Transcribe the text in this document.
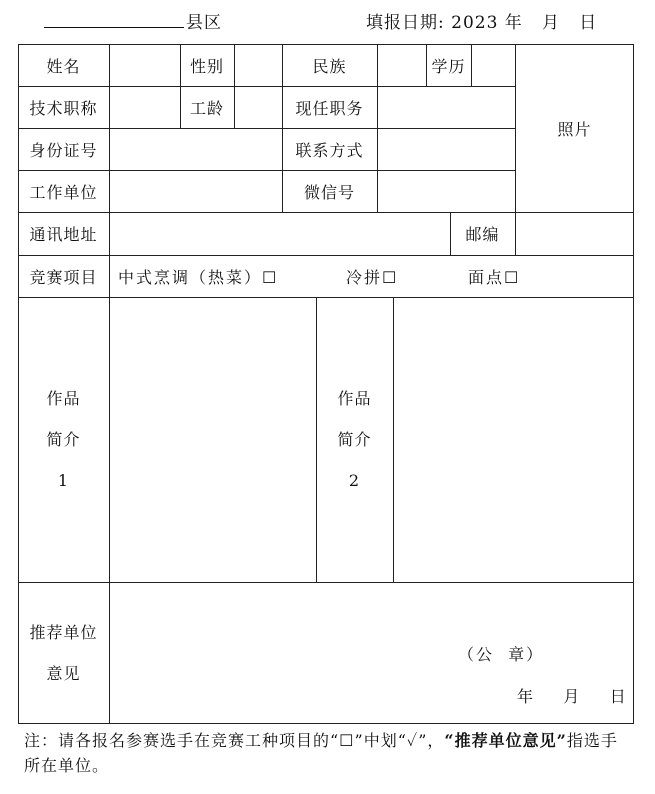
县区	填报日期: 2023 年   月   日
姓名	性别	民族	学历
照片
技术职称	工龄	现任职务
身份证号	联系方式
工作单位	微信号
通讯地址	邮编
竞赛项目	中式烹调（热菜）☐	冷拼☐	面点☐
作品
简介
1
作品
简介
2
推荐单位
意见
（公  章）
年    月    日
注：请各报名参赛选手在竞赛工种项目的“☐”中划“✓”，“推荐单位意见”指选手所在单位。
